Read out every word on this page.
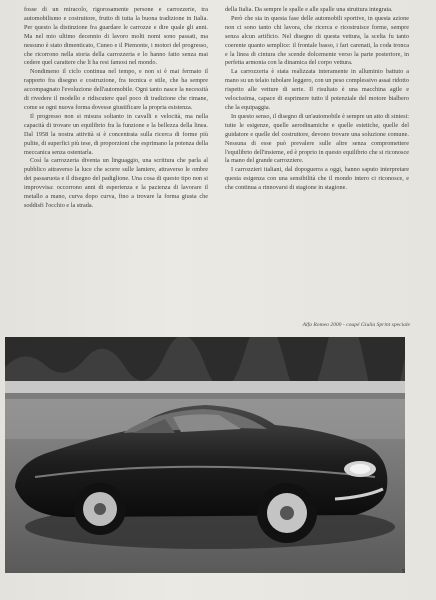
fosse di un miracolo, rigorosamente persone e carrozzerie, tra automobilismo e costruttore, frutto di tutta la buona tradizione in Italia. Per questo la distinzione fra guardare le carrozze e dire quale gli anni. Ma nel mio ultimo decennio di lavoro molti nomi sono passati, ma nessuno è stato dimenticato, Cuneo e il Piemonte, i motori del progresso, che ricorrono nella storia della carrozzeria e lo hanno fatto senza mai cedere quel carattere che li ha resi famosi nel mondo.

Nondimeno il ciclo continua nel tempo, e non si è mai fermato il rapporto fra disegno e costruzione, fra tecnica e stile, che ha sempre accompagnato l'evoluzione dell'automobile. Ogni tanto nasce la necessità di rivedere il modello e ridiscutere quel poco di tradizione che rimane, come se ogni nuova forma dovesse giustificare la propria esistenza.

Il progresso non si misura soltanto in cavalli e velocità, ma nella capacità di trovare un equilibrio fra la funzione e la bellezza della linea. Dal 1958 la nostra attività si è concentrata sulla ricerca di forme più pulite, di superfici più tese, di proporzioni che esprimano la potenza della meccanica senza ostentarla.

Così la carrozzeria diventa un linguaggio, una scrittura che parla al pubblico attraverso la luce che scorre sulle lamiere, attraverso le ombre dei passaruota e il disegno del padiglione. Una cosa di questo tipo non si improvvisa: occorrono anni di esperienza e la pazienza di lavorare il metallo a mano, curva dopo curva, fino a trovare la forma giusta che soddisfi l'occhio e la strada.

della Italia. Da sempre le spalle e alle spalle una struttura integrata.

Però che sia in questa fase delle automobili sportive, in questa azione non ci sono tanto chi lavora, che ricerca e ricostruisce forme, sempre senza alcun artificio. Nel disegno di questa vettura, la scelta fu tanto coerente quanto semplice: il frontale basso, i fari carenati, la coda tronca e la linea di cintura che scende dolcemente verso la parte posteriore, in perfetta armonia con la dinamica del corpo vettura.

La carrozzeria è stata realizzata interamente in alluminio battuto a mano su un telaio tubolare leggero, con un peso complessivo assai ridotto rispetto alle vetture di serie. Il risultato è una macchina agile e velocissima, capace di esprimere tutto il potenziale del motore bialbero che la equipaggia.

In questo senso, il disegno di un'automobile è sempre un atto di sintesi: tutte le esigenze, quelle aerodinamiche e quelle estetiche, quelle del guidatore e quelle del costruttore, devono trovare una soluzione comune. Nessuna di esse può prevalere sulle altre senza compromettere l'equilibrio dell'insieme, ed è proprio in questo equilibrio che si riconosce la mano del grande carrozziere.

I carrozzieri italiani, dal dopoguerra a oggi, hanno saputo interpretare questa esigenza con una sensibilità che il mondo intero ci riconosce, e che continua a rinnovarsi di stagione in stagione.

Alfa Romeo 2000 - coupé Giulia Sprint speciale
5
